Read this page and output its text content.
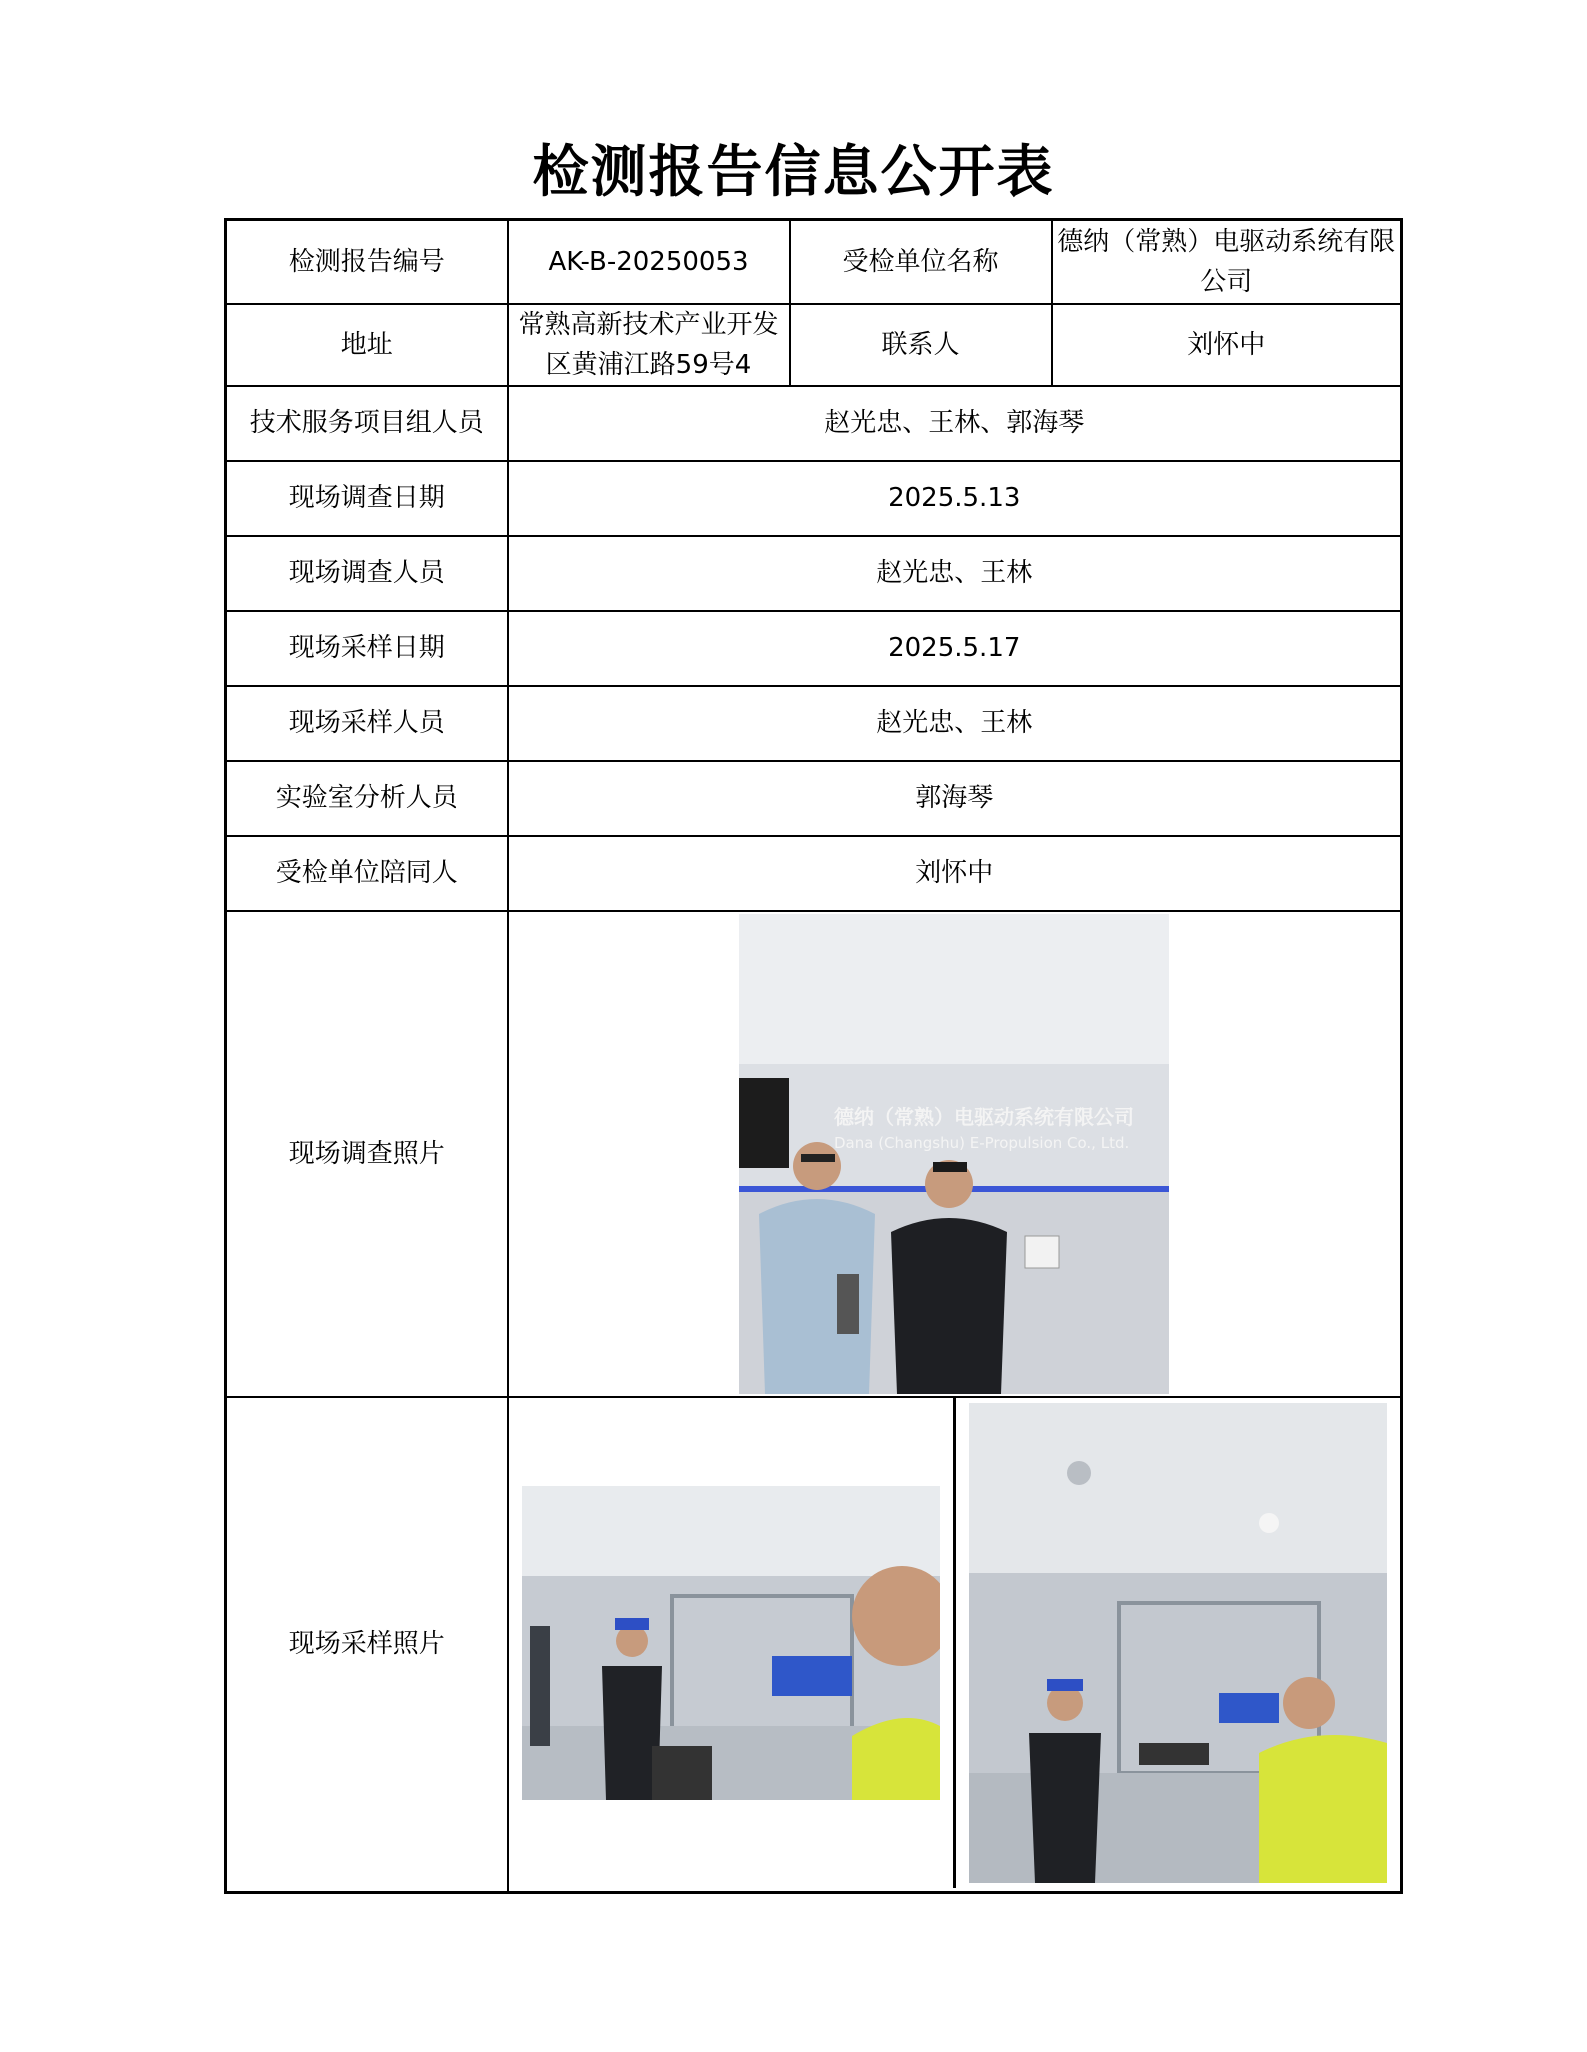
检测报告信息公开表
检测报告编号	AK-B-20250053	受检单位名称	德纳（常熟）电驱动系统有限公司
地址	常熟高新技术产业开发区黄浦江路59号4	联系人	刘怀中
技术服务项目组人员	赵光忠、王林、郭海琴		
现场调查日期	2025.5.13		
现场调查人员	赵光忠、王林		
现场采样日期	2025.5.17		
现场采样人员	赵光忠、王林		
实验室分析人员	郭海琴		
受检单位陪同人	刘怀中		
现场调查照片	德纳（常熟）电驱动系统有限公司
Dana (Changshu) E-Propulsion Co., Ltd.		

现场采样照片	
